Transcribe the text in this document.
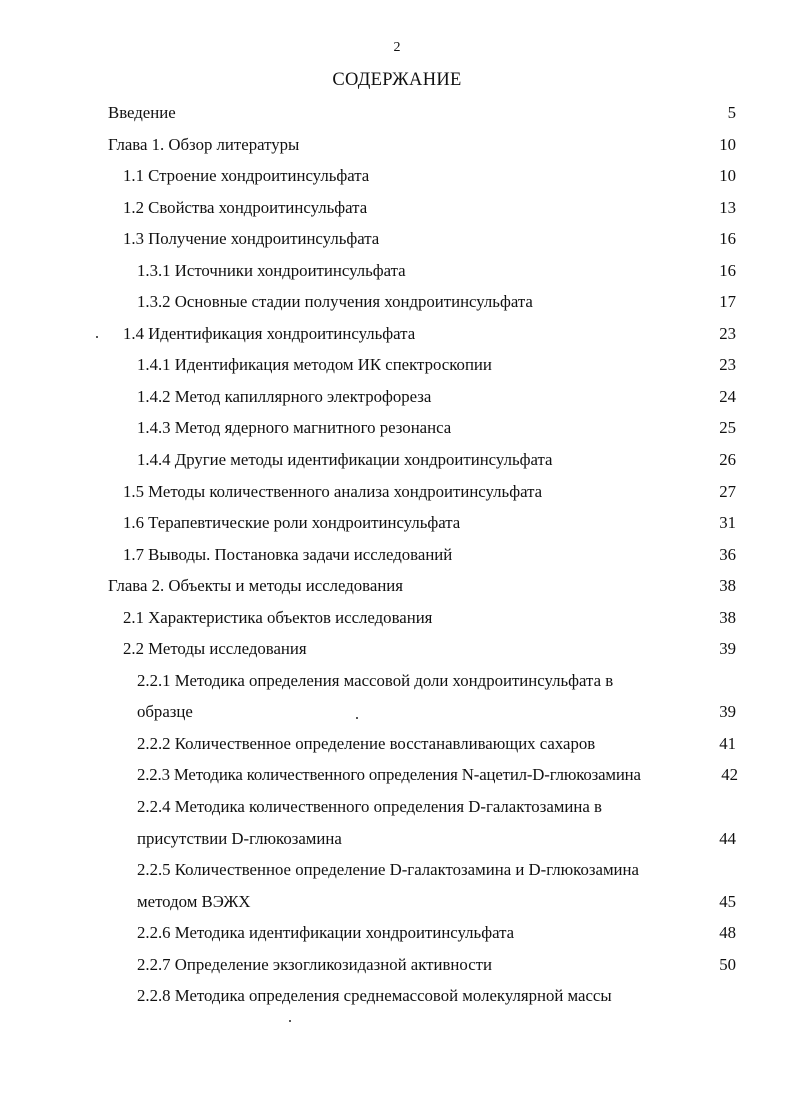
2
СОДЕРЖАНИЕ
Введение	5
Глава 1. Обзор литературы	10
1.1 Строение хондроитинсульфата	10
1.2 Свойства хондроитинсульфата	13
1.3 Получение хондроитинсульфата	16
1.3.1 Источники хондроитинсульфата	16
1.3.2 Основные стадии получения хондроитинсульфата	17
1.4 Идентификация хондроитинсульфата	23
1.4.1 Идентификация методом ИК спектроскопии	23
1.4.2 Метод капиллярного электрофореза	24
1.4.3 Метод ядерного магнитного резонанса	25
1.4.4 Другие методы идентификации хондроитинсульфата	26
1.5 Методы количественного анализа хондроитинсульфата	27
1.6 Терапевтические роли хондроитинсульфата	31
1.7 Выводы. Постановка задачи исследований	36
Глава 2. Объекты и методы исследования	38
2.1 Характеристика объектов исследования	38
2.2 Методы исследования	39
2.2.1 Методика определения массовой доли хондроитинсульфата в
образце	39
2.2.2 Количественное определение восстанавливающих сахаров	41
2.2.3 Методика количественного определения N-ацетил-D-глюкозамина	42
2.2.4 Методика количественного определения D-галактозамина в
присутствии D-глюкозамина	44
2.2.5 Количественное определение D-галактозамина и D-глюкозамина
методом ВЭЖХ	45
2.2.6 Методика идентификации хондроитинсульфата	48
2.2.7 Определение экзогликозидазной активности	50
2.2.8 Методика определения среднемассовой молекулярной массы
